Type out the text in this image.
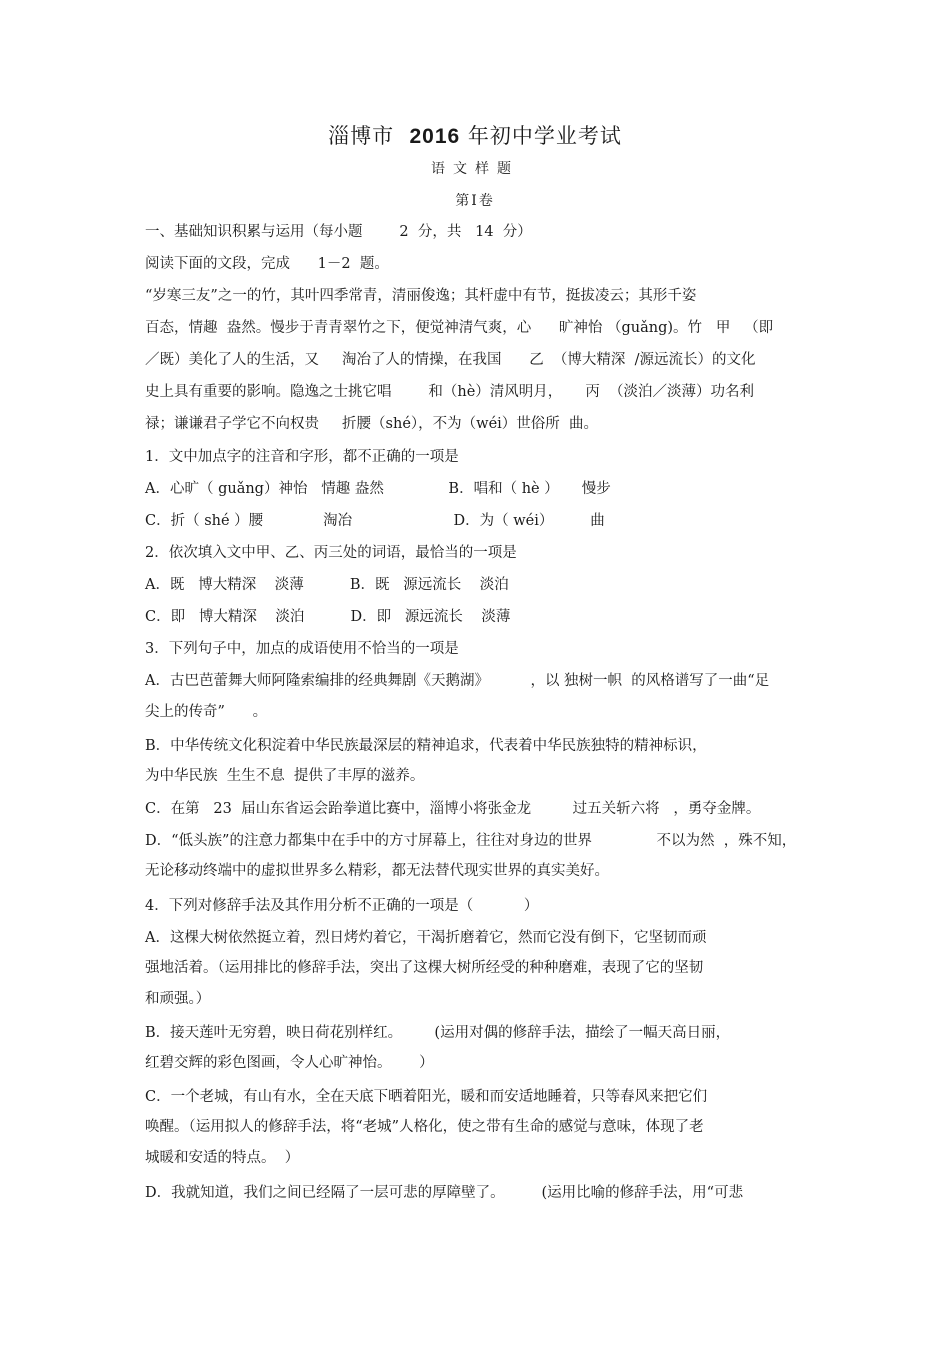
淄博市 2016 年初中学业考试
语文样题
第Ⅰ卷
一、基础知识积累与运用（每小题        2  分，共   14  分）
阅读下面的文段，完成      1－2  题。
“岁寒三友”之一的竹，其叶四季常青，清丽俊逸；其杆虚中有节，挺拔凌云；其形千姿
百态，情趣  盎然。慢步于青青翠竹之下，便觉神清气爽，心      旷神怡 （guǎng)。竹   甲   （即
／既）美化了人的生活，又     淘冶了人的情操，在我国      乙  （博大精深  /源远流长）的文化
史上具有重要的影响。隐逸之士挑它唱        和（hè）清风明月，     丙  （淡泊／淡薄）功名利
禄；谦谦君子学它不向权贵     折腰（shé），不为（wéi）世俗所  曲。
1．文中加点字的注音和字形，都不正确的一项是
A．心旷（ guǎng）神怡   情趣 盎然              B．唱和（ hè ）     慢步
C．折（ shé ）腰             淘冶                      D．为（ wéi）        曲
2．依次填入文中甲、乙、丙三处的词语，最恰当的一项是
A．既   博大精深    淡薄          B．既   源远流长    淡泊
C．即   博大精深    淡泊          D．即   源远流长    淡薄
3．下列句子中，加点的成语使用不恰当的一项是
A．古巴芭蕾舞大师阿隆索编排的经典舞剧《天鹅湖》         ，以 独树一帜  的风格谱写了一曲“足
尖上的传奇”      。
B．中华传统文化积淀着中华民族最深层的精神追求，代表着中华民族独特的精神标识，
为中华民族  生生不息  提供了丰厚的滋养。
C．在第   23  届山东省运会跆拳道比赛中，淄博小将张金龙         过五关斩六将   ，勇夺金牌。
D．“低头族”的注意力都集中在手中的方寸屏幕上，往往对身边的世界              不以为然  ，殊不知，
无论移动终端中的虚拟世界多么精彩，都无法替代现实世界的真实美好。
4．下列对修辞手法及其作用分析不正确的一项是（           ）
A．这棵大树依然挺立着，烈日烤灼着它，干渴折磨着它，然而它没有倒下，它坚韧而顽
强地活着。（运用排比的修辞手法，突出了这棵大树所经受的种种磨难，表现了它的坚韧
和顽强。）
B．接天莲叶无穷碧，映日荷花别样红。       (运用对偶的修辞手法，描绘了一幅天高日丽，
红碧交辉的彩色图画，令人心旷神怡。      ）
C．一个老城，有山有水，全在天底下晒着阳光，暖和而安适地睡着，只等春风来把它们
唤醒。（运用拟人的修辞手法，将“老城”人格化，使之带有生命的感觉与意味，体现了老
城暖和安适的特点。  ）
D．我就知道，我们之间已经隔了一层可悲的厚障壁了。        (运用比喻的修辞手法，用“可悲
